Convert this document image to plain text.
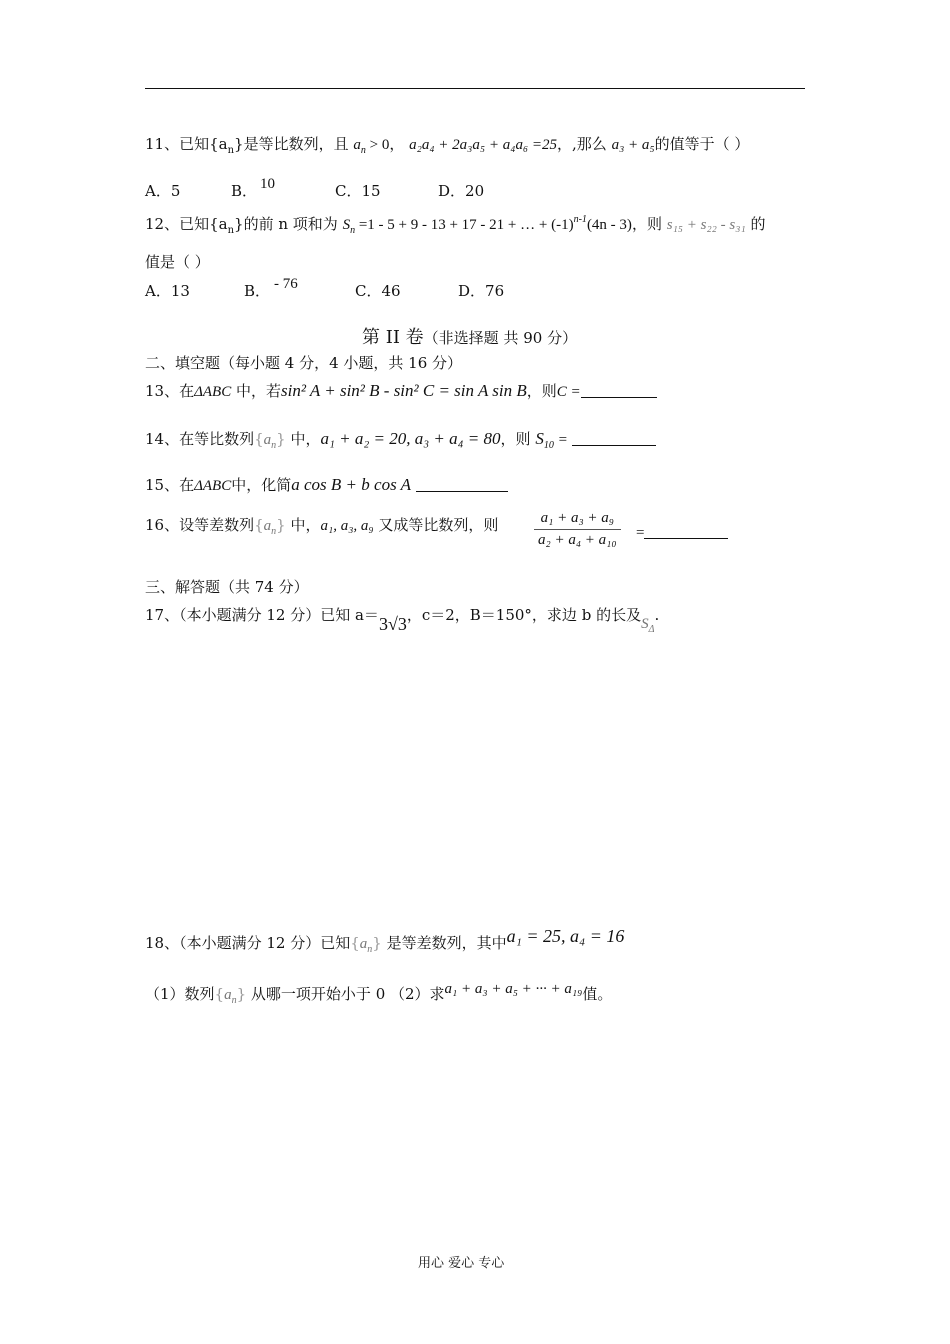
11、已知$\{a_n\}$是等比数列，且 $a_n > 0$， a₂a₄ + 2a₃a₅ + a₄a₆ =25，,那么 a₃ + a₅的值等于（ ）
A．5	B． 10	C．15	D．20
12、已知$\{a_n\}$的前 n 项和为 $S_n =1 - 5 + 9 - 13 + 17 - 21$ + … + $(-1)^{n-1}(4n - 3)$，则 s₁₅ + s₂₂ - s₃₁ 的
值是（ ）
A．13	B． - 76	C．46	D．76
第 II 卷（非选择题 共 90 分）
二、填空题（每小题 4 分，4 小题，共 16 分）
13、在ΔABC 中，若sin² A + sin² B - sin² C = sin A sin B，则C =
14、在等比数列$\{a_n\}$ 中，a₁ + a₂ = 20, a₃ + a₄ = 80，则 $S_{10}$ =
15、在ΔABC中，化简a cos B + b cos A
16、设等差数列$\{a_n\}$ 中，a₁, a₃, a₉ 又成等比数列，则 $\frac{\text{a₁ + a₃ + a₉}}{\text{a₂ + a₄ + a₁₀}}$ =
三、解答题（共 74 分）
17、（本小题满分 12 分）已知 a＝3√3，c＝2，B＝150°，求边 b 的长及$S_\Delta$.
18、（本小题满分 12 分）已知$\{a_n\}$ 是等差数列，其中a₁ = 25, a₄ = 16
（1）数列$\{a_n\}$ 从哪一项开始小于 0 （2）求a₁ + a₃ + a₅ + ··· + a₁₉值。
用心 爱心 专心
